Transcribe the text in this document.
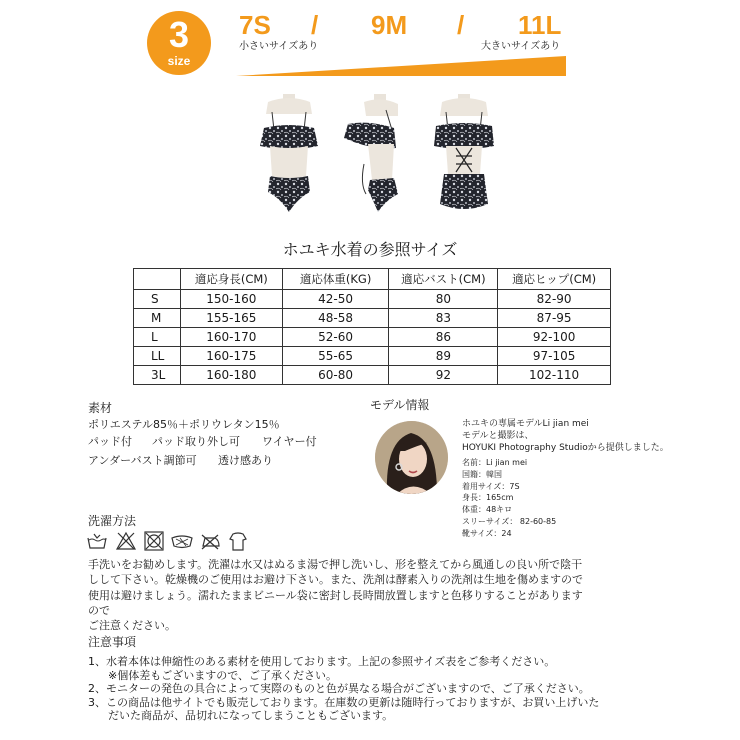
3
size
7S / 9M / 11L
小さいサイズあり	大きいサイズあり
ホユキ水着の参照サイズ
	適応身長(CM)	適応体重(KG)	適応バスト(CM)	適応ヒップ(CM)
S	150-160	42-50	80	82-90
M	155-165	48-58	83	87-95
L	160-170	52-60	86	92-100
LL	160-175	55-65	89	97-105
3L	160-180	60-80	92	102-110
素材
ポリエステル85％＋ポリウレタン15％
パッド付 パッド取り外し可 ワイヤー付
アンダーバスト調節可 透け感あり
モデル情報
ホユキの専属モデルLi jian mei
モデルと撮影は、
HOYUKI Photography Studioから提供しました。
名前：Li jian mei
国籍：韓国
着用サイズ：7S
身長：165cm
体重：48キロ
スリーサイズ： 82-60-85
靴サイズ：24
洗濯方法
手洗いをお勧めします。洗濯は水又はぬるま湯で押し洗いし、形を整えてから風通しの良い所で陰干
しして下さい。乾燥機のご使用はお避け下さい。また、洗剤は酵素入りの洗剤は生地を傷めますので
使用は避けましょう。濡れたままビニール袋に密封し長時間放置しますと色移りすることがありますので
ご注意ください。
注意事項
1、水着本体は伸縮性のある素材を使用しております。上記の参照サイズ表をご参考ください。
※個体差もございますので、ご了承ください。
2、モニターの発色の具合によって実際のものと色が異なる場合がございますので、ご了承ください。
3、この商品は他サイトでも販売しております。在庫数の更新は随時行っておりますが、お買い上げいた
だいた商品が、品切れになってしまうこともございます。
